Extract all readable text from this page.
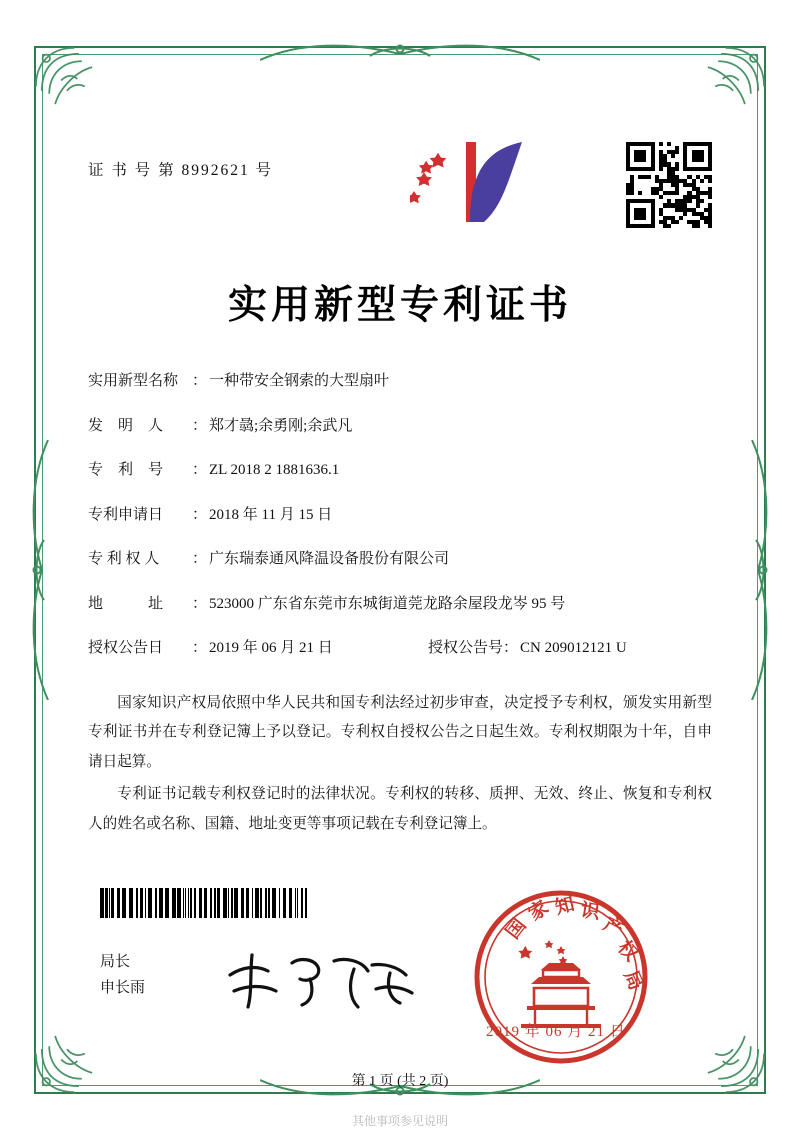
证 书 号 第 8992621 号
实用新型专利证书
实用新型名称 ： 一种带安全钢索的大型扇叶
发　明　人	： 郑才骉;余勇刚;余武凡
专　利　号	： ZL 2018 2 1881636.1
专利申请日	： 2018 年 11 月 15 日
专 利 权 人	： 广东瑞泰通风降温设备股份有限公司
地　　　址	： 523000 广东省东莞市东城街道莞龙路余屋段龙岑 95 号
授权公告日	： 2019 年 06 月 21 日	授权公告号 ： CN 209012121 U

国家知识产权局依照中华人民共和国专利法经过初步审查，决定授予专利权，颁发实用新型专利证书并在专利登记簿上予以登记。专利权自授权公告之日起生效。专利权期限为十年，自申请日起算。

专利证书记载专利权登记时的法律状况。专利权的转移、质押、无效、终止、恢复和专利权人的姓名或名称、国籍、地址变更等事项记载在专利登记簿上。

局长
申长雨
国
家 知 识
产
权
局
2019 年 06 月 21 日
第 1 页 (共 2 页)
其他事项参见说明
